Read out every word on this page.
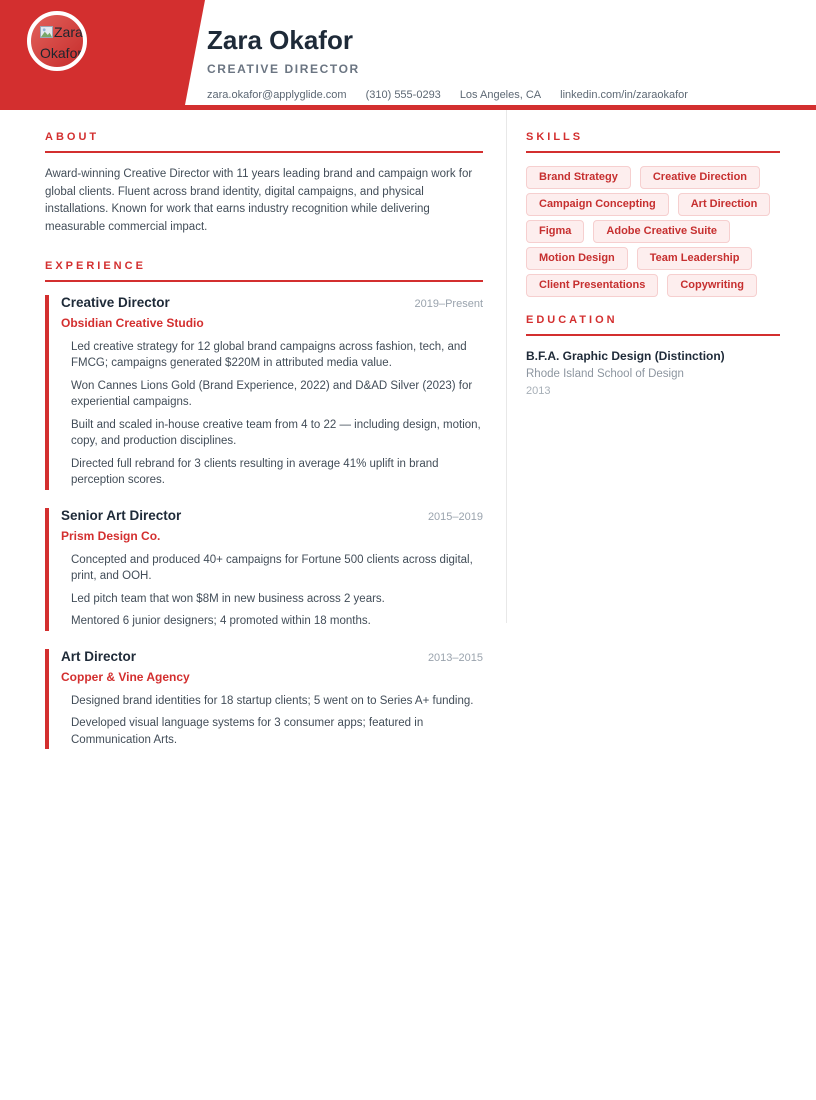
Zara Okafor	Zara Okafor
CREATIVE DIRECTOR
zara.okafor@applyglide.com (310) 555-0293 Los Angeles, CA linkedin.com/in/zaraokafor
ABOUT

Award-winning Creative Director with 11 years leading brand and campaign work for global clients. Fluent across brand identity, digital campaigns, and physical installations. Known for work that earns industry recognition while delivering measurable commercial impact.

EXPERIENCE
Creative Director	2019–Present
Obsidian Creative Studio

Led creative strategy for 12 global brand campaigns across fashion, tech, and FMCG; campaigns generated $220M in attributed media value.

Won Cannes Lions Gold (Brand Experience, 2022) and D&AD Silver (2023) for experiential campaigns.

Built and scaled in-house creative team from 4 to 22 — including design, motion, copy, and production disciplines.

Directed full rebrand for 3 clients resulting in average 41% uplift in brand perception scores.

Senior Art Director	2015–2019
Prism Design Co.

Concepted and produced 40+ campaigns for Fortune 500 clients across digital, print, and OOH.

Led pitch team that won $8M in new business across 2 years.

Mentored 6 junior designers; 4 promoted within 18 months.

Art Director	2013–2015
Copper & Vine Agency

Designed brand identities for 18 startup clients; 5 went on to Series A+ funding.

Developed visual language systems for 3 consumer apps; featured in Communication Arts.

SKILLS
Brand Strategy	Creative Direction
Campaign Concepting	Art Direction
Figma	Adobe Creative Suite
Motion Design	Team Leadership
Client Presentations	Copywriting
EDUCATION
B.F.A. Graphic Design (Distinction)
Rhode Island School of Design
2013
